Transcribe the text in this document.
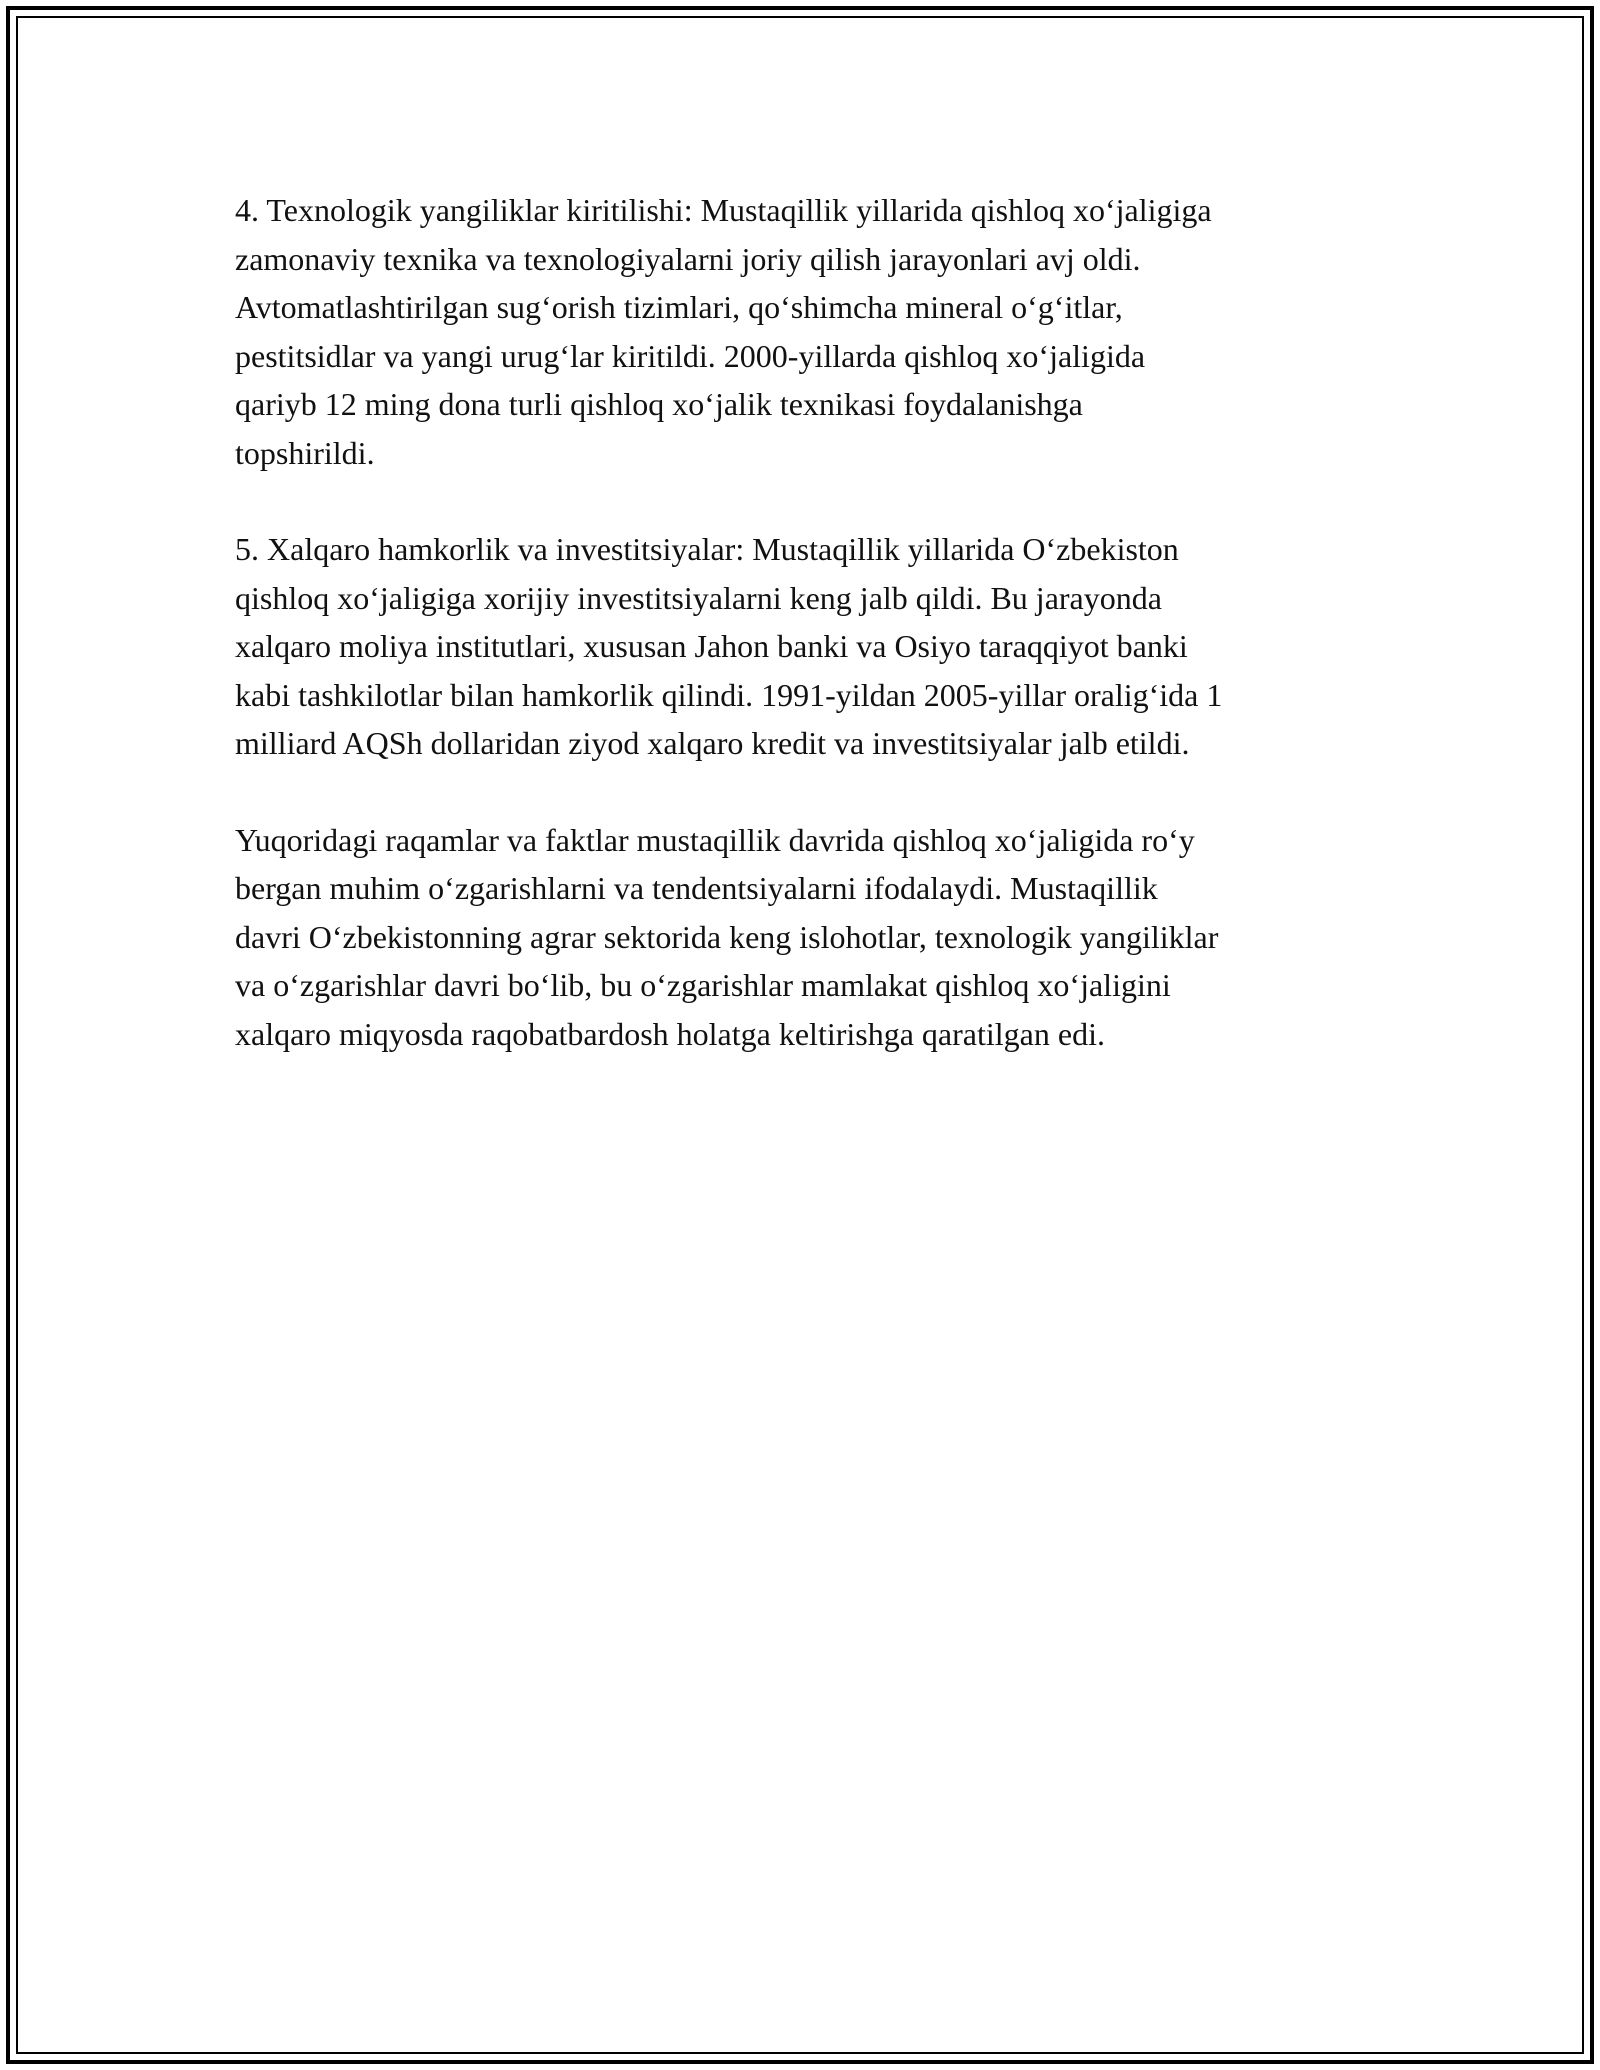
4. Texnologik yangiliklar kiritilishi: Mustaqillik yillarida qishloq xo‘jaligiga
zamonaviy texnika va texnologiyalarni joriy qilish jarayonlari avj oldi.
Avtomatlashtirilgan sug‘orish tizimlari, qo‘shimcha mineral o‘g‘itlar,
pestitsidlar va yangi urug‘lar kiritildi. 2000-yillarda qishloq xo‘jaligida
qariyb 12 ming dona turli qishloq xo‘jalik texnikasi foydalanishga
topshirildi.

5. Xalqaro hamkorlik va investitsiyalar: Mustaqillik yillarida O‘zbekiston
qishloq xo‘jaligiga xorijiy investitsiyalarni keng jalb qildi. Bu jarayonda
xalqaro moliya institutlari, xususan Jahon banki va Osiyo taraqqiyot banki
kabi tashkilotlar bilan hamkorlik qilindi. 1991-yildan 2005-yillar oralig‘ida 1
milliard AQSh dollaridan ziyod xalqaro kredit va investitsiyalar jalb etildi.

Yuqoridagi raqamlar va faktlar mustaqillik davrida qishloq xo‘jaligida ro‘y
bergan muhim o‘zgarishlarni va tendentsiyalarni ifodalaydi. Mustaqillik
davri O‘zbekistonning agrar sektorida keng islohotlar, texnologik yangiliklar
va o‘zgarishlar davri bo‘lib, bu o‘zgarishlar mamlakat qishloq xo‘jaligini
xalqaro miqyosda raqobatbardosh holatga keltirishga qaratilgan edi.
